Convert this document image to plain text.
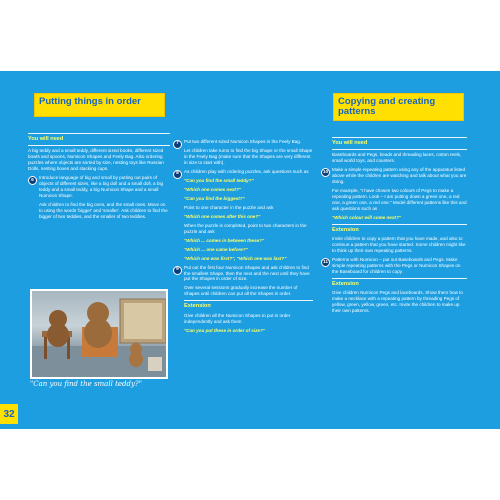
Putting things in order
You will need
A big teddy and a small teddy, different sized books, different sized bowls and spoons, Numicon Shapes and Feely Bag. Also ordering puzzles where objects are sorted by size, nesting toys like Russian Dolls, nesting boxes and stacking cups.
6	Introduce language of big and small by putting out pairs of objects of different sizes, like a big doll and a small doll, a big teddy and a small teddy, a big Numicon Shape and a small Numicon Shape.
Ask children to find the big ones, and the small ones. Move on to using the words 'bigger' and 'smaller'. Ask children to find the bigger of two teddies, and the smaller of two teddies.
"Can you find the small teddy?"
32
7	Put two different sized Numicon Shapes in the Feely Bag.
Let children take turns to find the big Shape or the small Shape in the Feely Bag (make sure that the Shapes are very different in size to start with).
8	As children play with ordering puzzles, ask questions such as
"Can you find the small teddy?"
"Which one comes next?"
"Can you find the biggest?"
Point to one character in the puzzle and ask
"Which one comes after this one?"
When the puzzle is completed, point to two characters in the puzzle and ask
"Which ... comes in between these?"
"Which ... one came before?"
"Which one was first?", "Which one was last?"
9	Put out the first four Numicon Shapes and ask children to find the smallest Shape, then the next and the next until they have put the Shapes in order of size.
Over several sessions gradually increase the number of Shapes until children can put all the Shapes in order.
Extension
Give children all the Numicon Shapes to put in order independently and ask them
"Can you put these in order of size?"
Copying and creating patterns
You will need
Baseboards and Pegs, beads and threading laces, cotton reels, small world toys, and counters.
10 Make a simple repeating pattern using any of the apparatus listed above while the children are watching and talk about what you are doing.
For example, "I have chosen two colours of Pegs to make a repeating pattern. Look – I am putting down a green one, a red one, a green one, a red one." Model different patterns like this and ask questions such as
"Which colour will come next?"
Extension
Invite children to copy a pattern that you have made, and also to continue a pattern that you have started. Some children might like to think up their own repeating patterns.
11 Patterns with Numicon – put out Baseboards and Pegs. Make simple repeating patterns with the Pegs or Numicon Shapes on the Baseboard for children to copy.
Extension
Give children Numicon Pegs and laceboards. Show them how to make a necklace with a repeating pattern by threading Pegs of yellow, green, yellow, green, etc. Invite the children to make up their own patterns.
